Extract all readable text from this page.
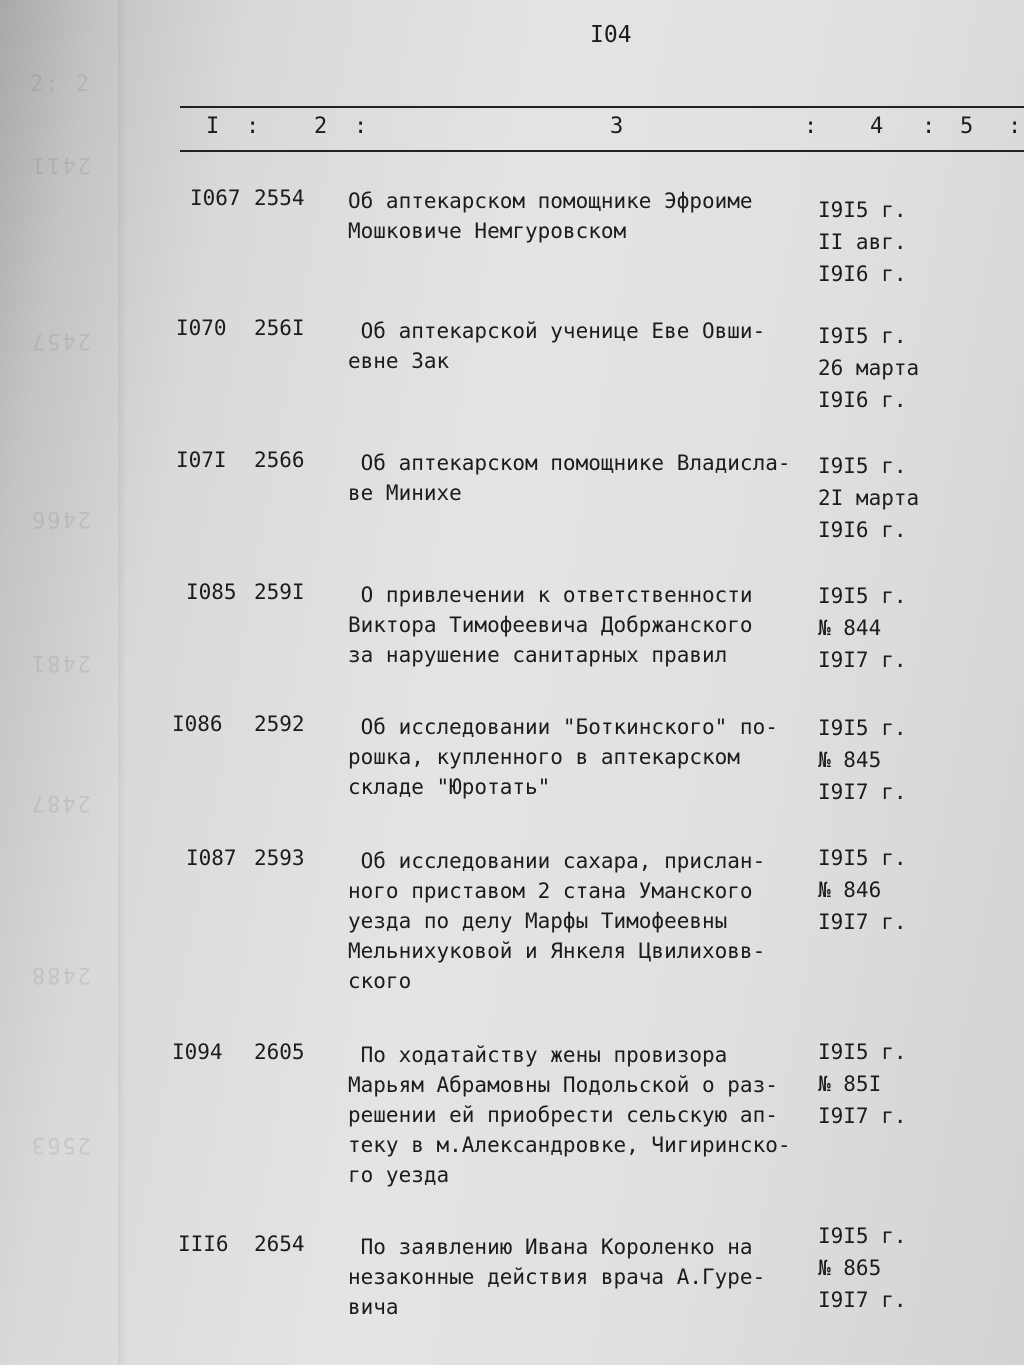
2: 2
2411
2457
2466
2481
2487
2488
2563
I04
I : 2 :	3	: 4 : 5 :
I067 2554 Об аптекарском помощнике Эфроиме
Мошковиче Немгуровском
I9I5 г.
II авг.
I9I6 г.
I070 256I Об аптекарской ученице Еве Овши-
евне Зак
I9I5 г.
26 марта
I9I6 г.
I07I 2566 Об аптекарском помощнике Владисла-
ве Минихе
I9I5 г.
2I марта
I9I6 г.
I085 259I О привлечении к ответственности
Виктора Тимофеевича Добржанского
за нарушение санитарных правил
I9I5 г.
№ 844
I9I7 г.
I086 2592 Об исследовании "Боткинского" по-
рошка, купленного в аптекарском
складе "Юротать"
I9I5 г.
№ 845
I9I7 г.
I087 2593 Об исследовании сахара, прислан-
ного приставом 2 стана Уманского
уезда по делу Марфы Тимофеевны
Мельнихуковой и Янкеля Цвилиховв-
ского
I9I5 г.
№ 846
I9I7 г.
I094 2605 По ходатайству жены провизора
Марьям Абрамовны Подольской о раз-
решении ей приобрести сельскую ап-
теку в м.Александровке, Чигиринско-
го уезда
I9I5 г.
№ 85I
I9I7 г.
III6 2654 По заявлению Ивана Короленко на
незаконные действия врача А.Гуре-
вича
I9I5 г.
№ 865
I9I7 г.
